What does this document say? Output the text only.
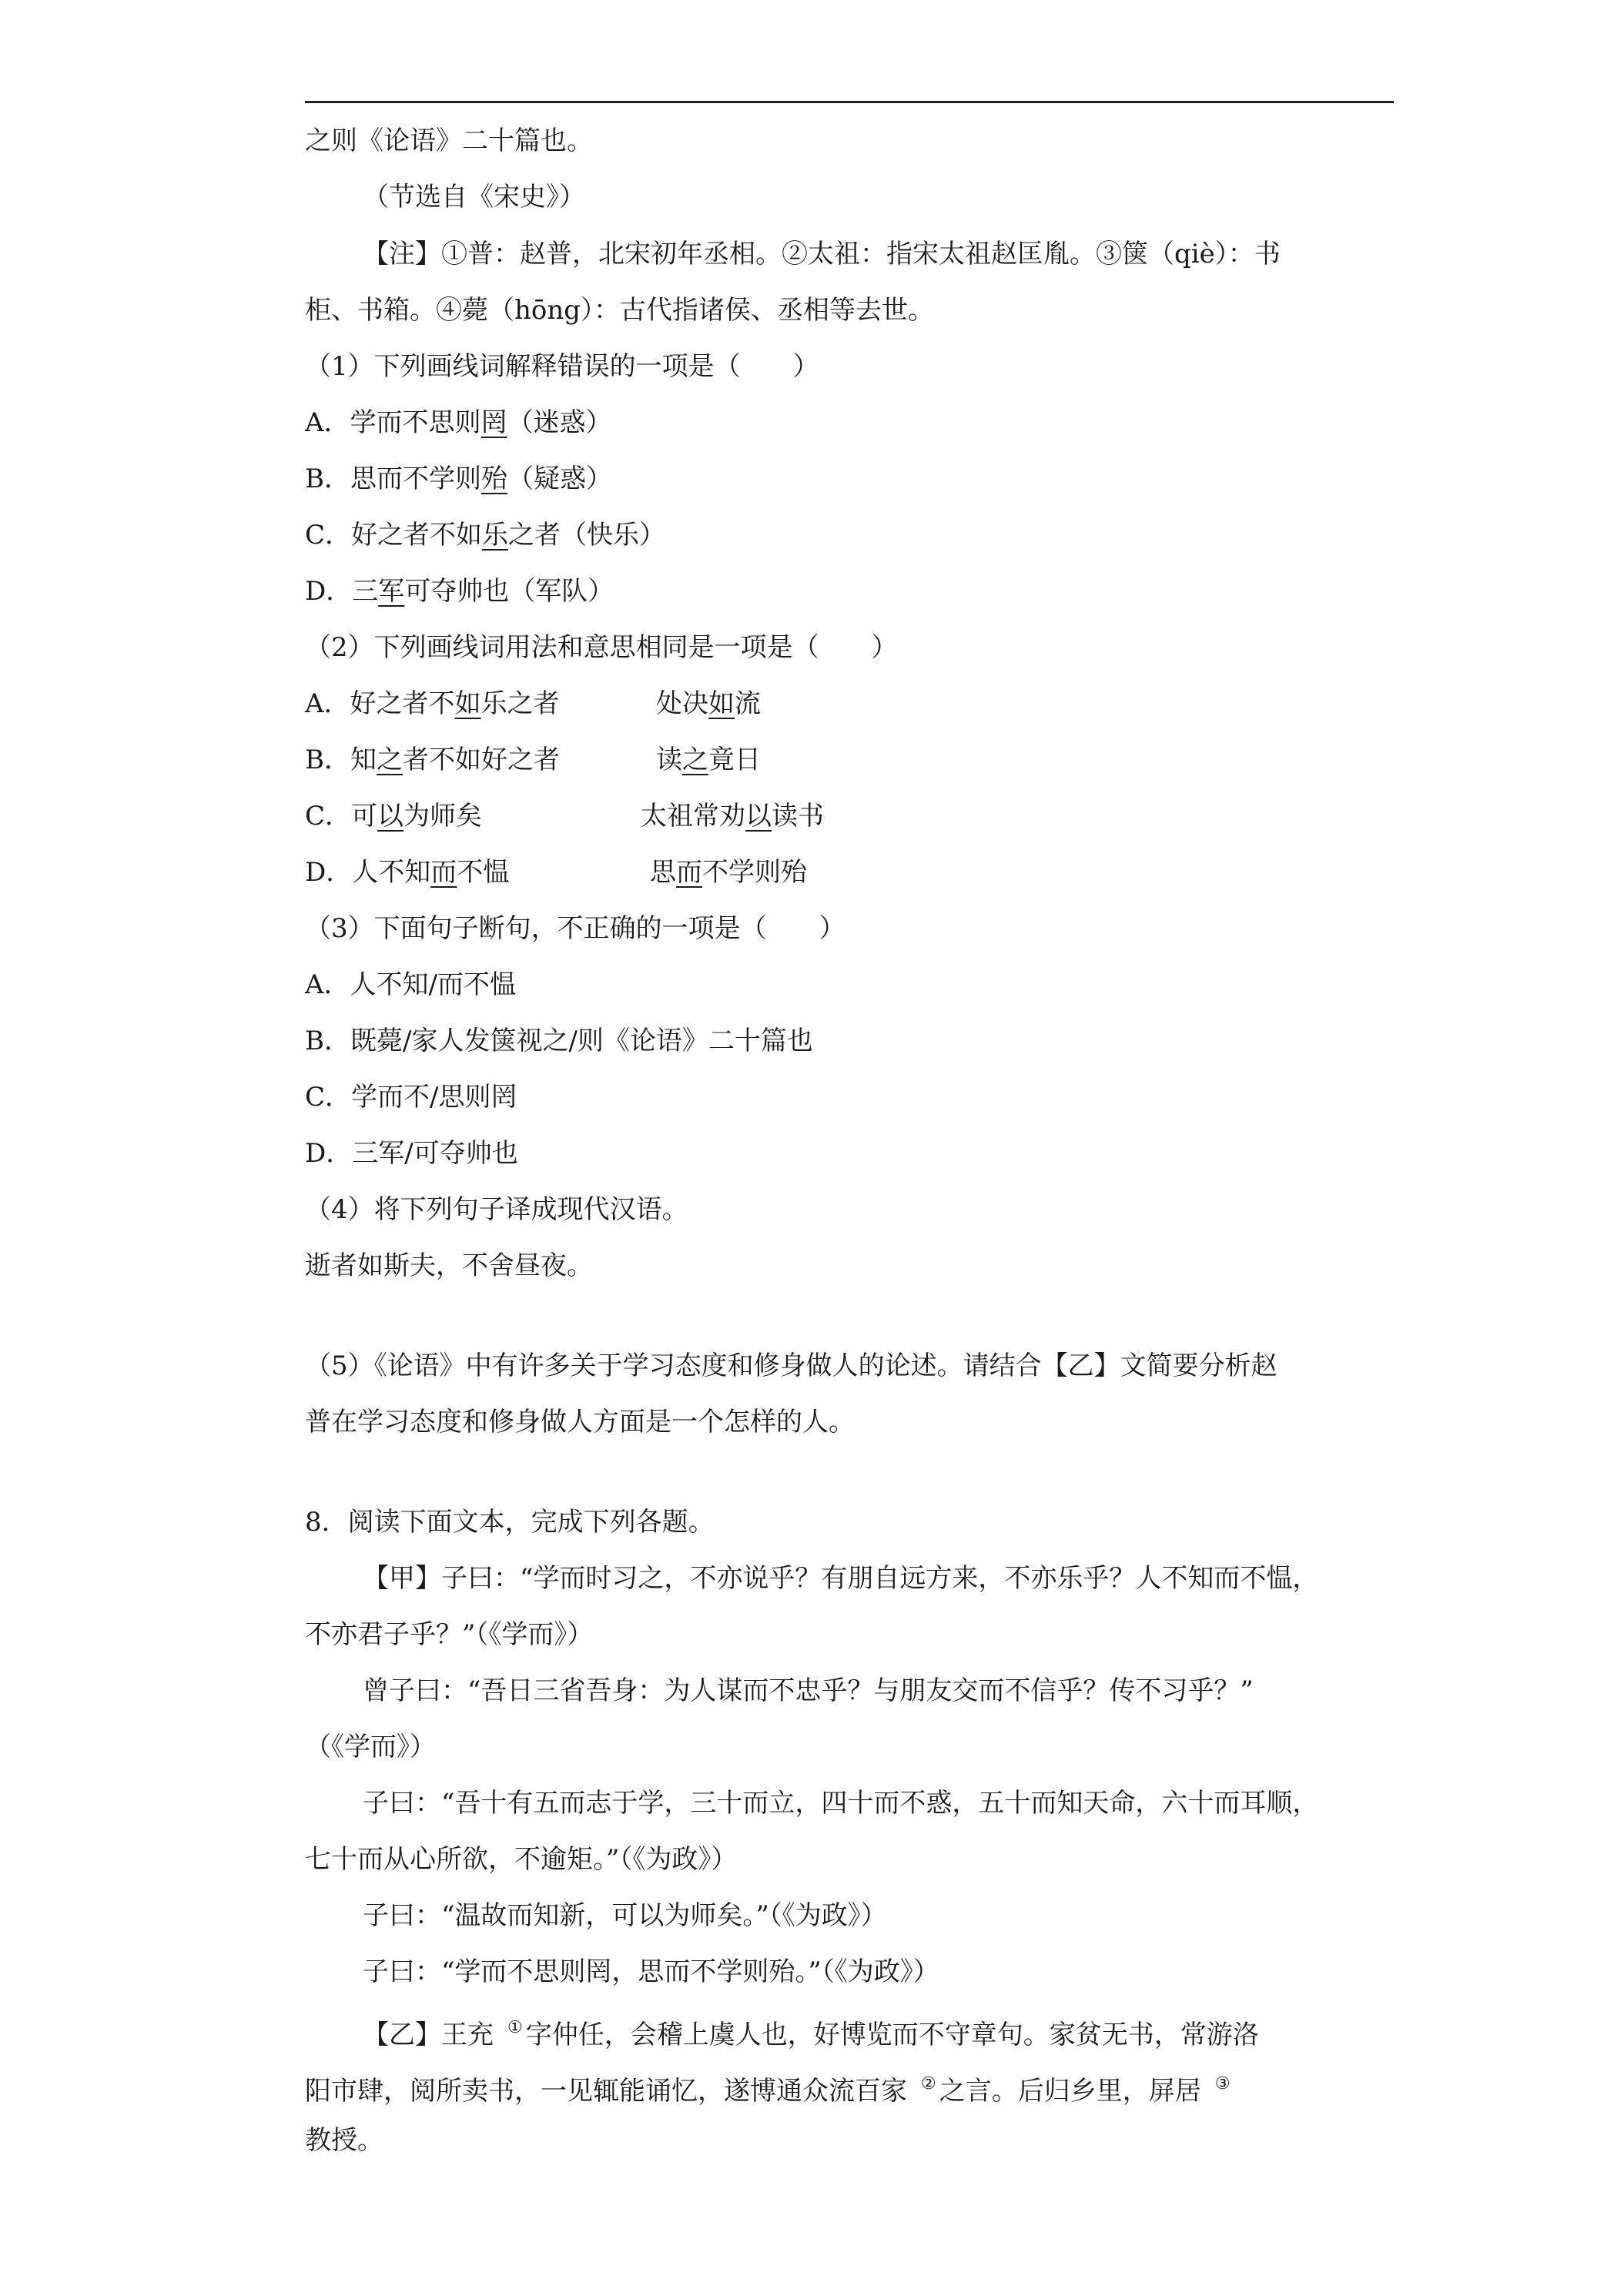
之则《论语》二十篇也。
（节选自《宋史》）
【注】①普：赵普，北宋初年丞相。②太祖：指宋太祖赵匡胤。③箧（qiè）：书
柜、书箱。④薨（hōng）：古代指诸侯、丞相等去世。
（1）下列画线词解释错误的一项是（　　）
A．学而不思则罔（迷惑）
B．思而不学则殆（疑惑）
C．好之者不如乐之者（快乐）
D．三军可夺帅也（军队）
（2）下列画线词用法和意思相同是一项是（　　）
A．好之者不如乐之者	处决如流
B．知之者不如好之者	读之竟日
C．可以为师矣	太祖常劝以读书
D．人不知而不愠	思而不学则殆
（3）下面句子断句，不正确的一项是（　　）
A．人不知/而不愠
B．既薨/家人发箧视之/则《论语》二十篇也
C．学而不/思则罔
D．三军/可夺帅也
（4）将下列句子译成现代汉语。
逝者如斯夫，不舍昼夜。
（5）《论语》中有许多关于学习态度和修身做人的论述。请结合【乙】文简要分析赵
普在学习态度和修身做人方面是一个怎样的人。
8．阅读下面文本，完成下列各题。
【甲】子曰：“学而时习之，不亦说乎？有朋自远方来，不亦乐乎？人不知而不愠，
不亦君子乎？”（《学而》）
曾子曰：“吾日三省吾身：为人谋而不忠乎？与朋友交而不信乎？传不习乎？”
（《学而》）
子曰：“吾十有五而志于学，三十而立，四十而不惑，五十而知天命，六十而耳顺，
七十而从心所欲，不逾矩。”（《为政》）
子曰：“温故而知新，可以为师矣。”（《为政》）
子曰：“学而不思则罔，思而不学则殆。”（《为政》）
【乙】王充 ① 字仲任，会稽上虞人也，好博览而不守章句。家贫无书，常游洛
阳市肆，阅所卖书，一见辄能诵忆，遂博通众流百家 ② 之言。后归乡里，屏居 ③
教授。
